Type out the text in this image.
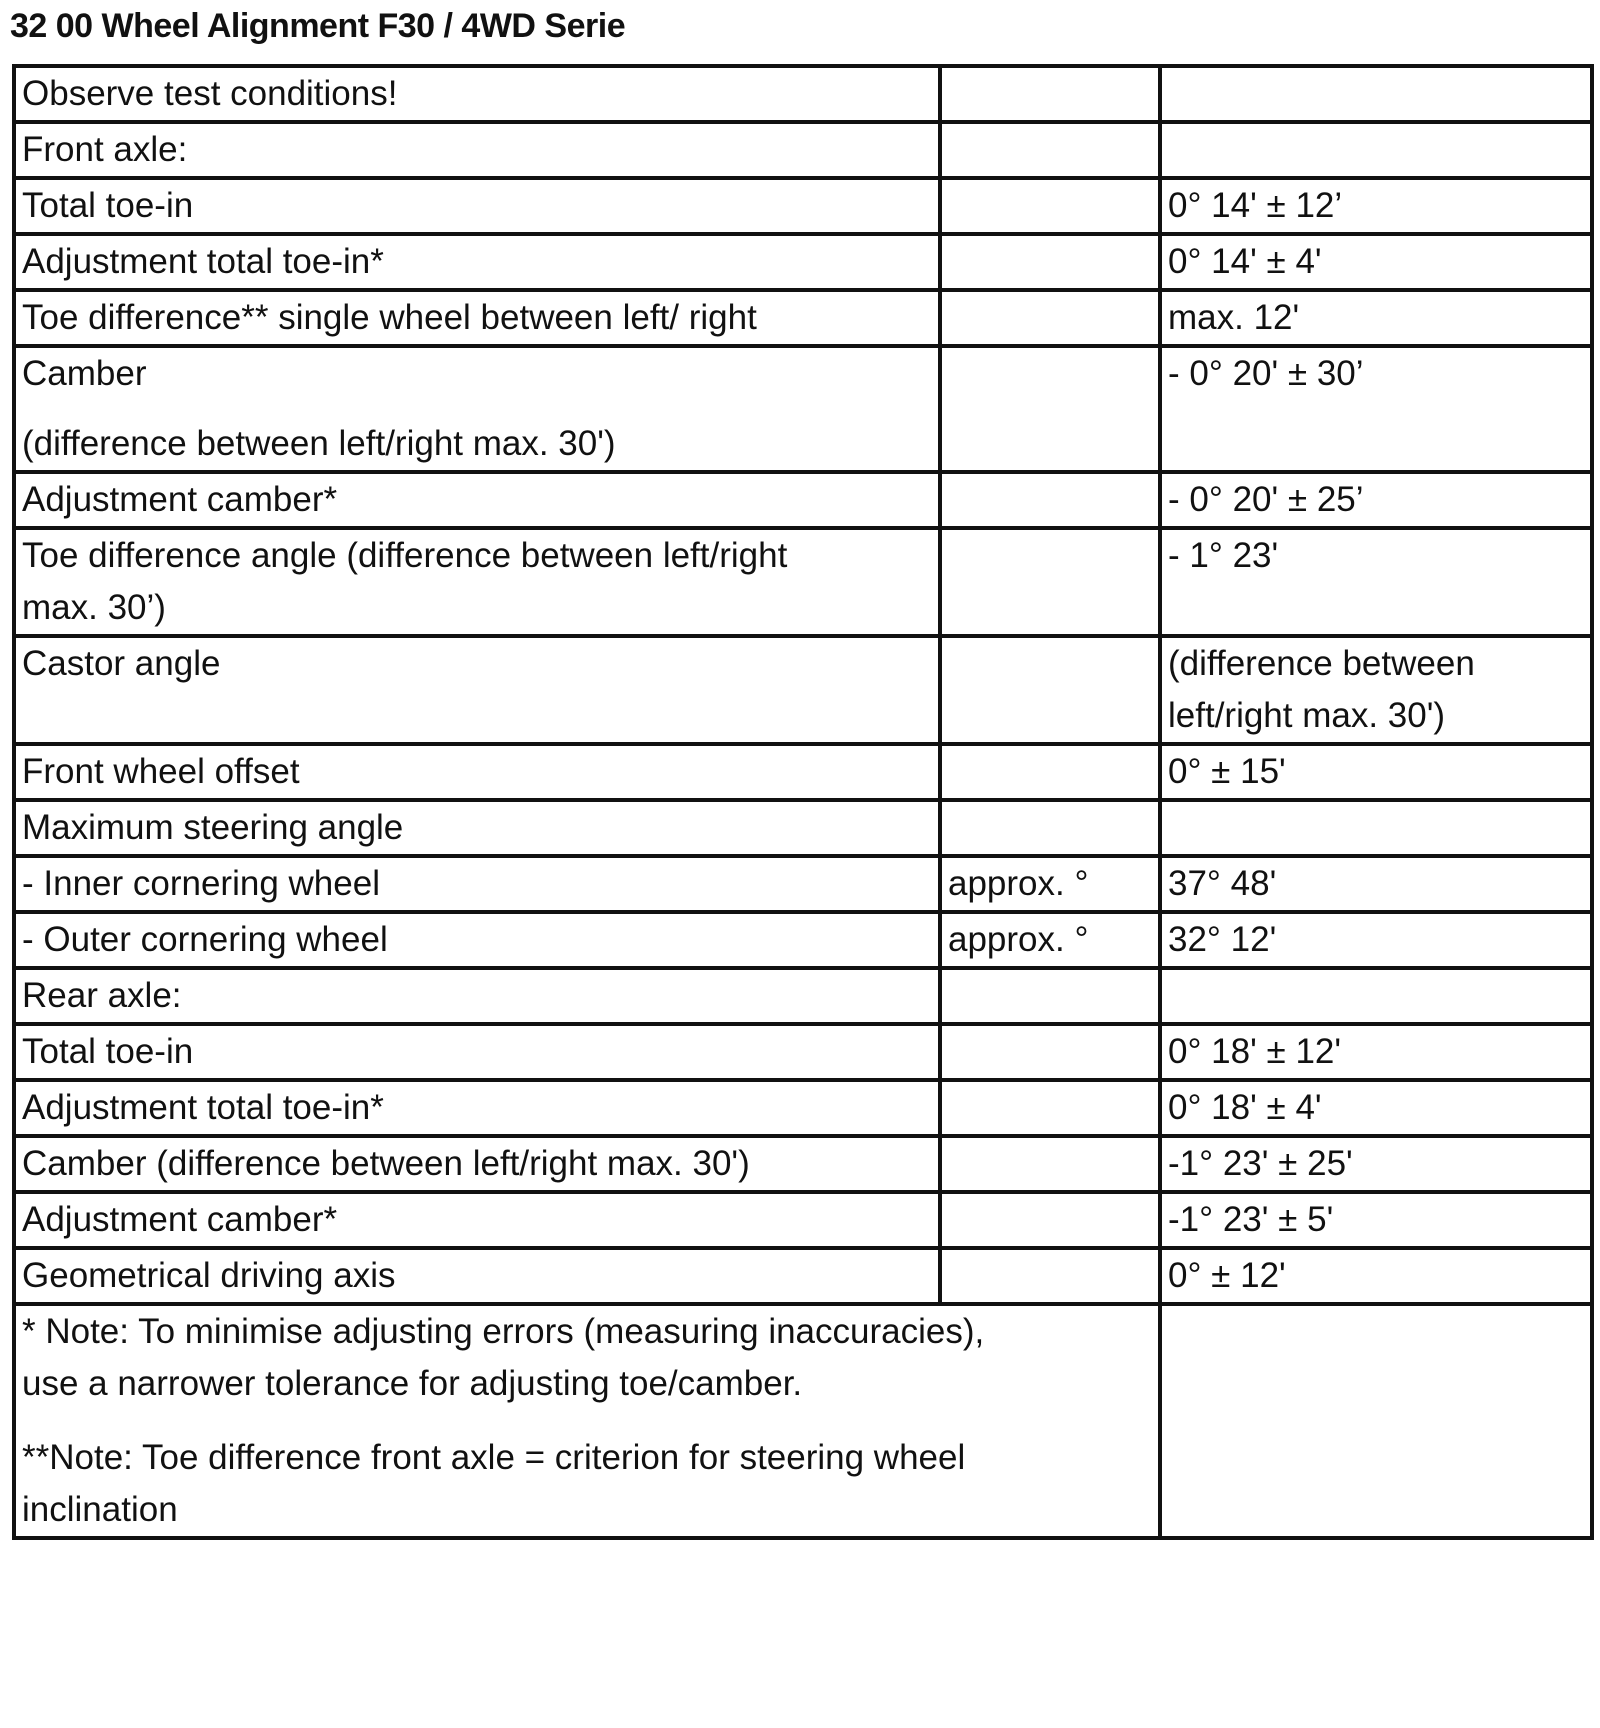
32 00 Wheel Alignment F30 / 4WD Serie
Observe test conditions!		
Front axle:		
Total toe-in		0° 14' ± 12’
Adjustment total toe-in*		0° 14' ± 4'
Toe difference** single wheel between left/ right		max. 12'

Camber

(difference between left/right max. 30')		- 0° 20' ± 30’
Adjustment camber*		- 0° 20' ± 25’

Toe difference angle (difference between left/right

max. 30’)		- 1° 23'
Castor angle		(difference between

left/right max. 30')

Front wheel offset		0° ± 15'
Maximum steering angle		
- Inner cornering wheel	approx. °	37° 48'
- Outer cornering wheel	approx. °	32° 12'
Rear axle:		
Total toe-in		0° 18' ± 12'
Adjustment total toe-in*		0° 18' ± 4'
Camber (difference between left/right max. 30')		-1° 23' ± 25'
Adjustment camber*		-1° 23' ± 5'
Geometrical driving axis		0° ± 12'

* Note: To minimise adjusting errors (measuring inaccuracies),

use a narrower tolerance for adjusting toe/camber.

**Note: Toe difference front axle = criterion for steering wheel

inclination		
